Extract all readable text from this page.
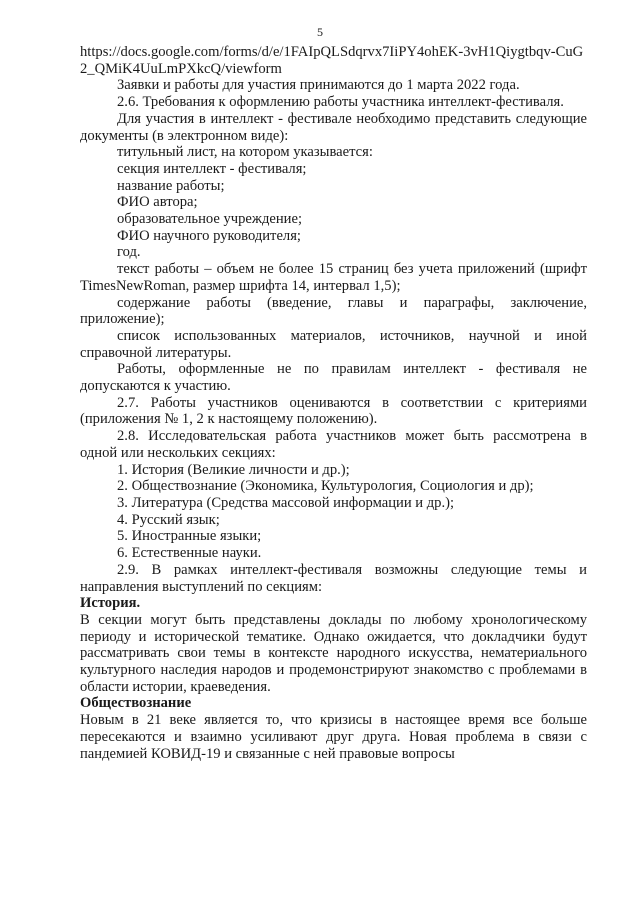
5

https://docs.google.com/forms/d/e/1FAIpQLSdqrvx7IiPY4ohEK-3vH1Qiygtbqv-CuG2_QMiK4UuLmPXkcQ/viewform

Заявки и работы для участия принимаются до 1 марта 2022 года.

2.6. Требования к оформлению работы участника интеллект-фестиваля.

Для участия в интеллект - фестивале необходимо представить следующие документы (в электронном виде):

титульный лист, на котором указывается:

секция интеллект - фестиваля;

название работы;

ФИО автора;

образовательное учреждение;

ФИО научного руководителя;

год.

текст работы – объем не более 15 страниц без учета приложений (шрифт TimesNewRoman, размер шрифта 14, интервал 1,5);

содержание работы (введение, главы и параграфы, заключение, приложение);

список использованных материалов, источников, научной и иной справочной литературы.

Работы, оформленные не по правилам интеллект - фестиваля не допускаются к участию.

2.7. Работы участников оцениваются в соответствии с критериями (приложения № 1, 2 к настоящему положению).

2.8. Исследовательская работа участников может быть рассмотрена в одной или нескольких секциях:

1. История (Великие личности и др.);
2. Обществознание (Экономика, Культурология, Социология и др);
3. Литература (Средства массовой информации и др.);
4. Русский язык;
5. Иностранные языки;
6. Естественные науки.

2.9. В рамках интеллект-фестиваля возможны следующие темы и направления выступлений по секциям:

История.

В секции могут быть представлены доклады по любому хронологическому периоду и исторической тематике. Однако ожидается, что докладчики будут рассматривать свои темы в контексте народного искусства, нематериального культурного наследия народов и продемонстрируют знакомство с проблемами в области истории, краеведения.

Обществознание

Новым в 21 веке является то, что кризисы в настоящее время все больше пересекаются и взаимно усиливают друг друга. Новая проблема в связи с пандемией КОВИД-19 и связанные с ней правовые вопросы
